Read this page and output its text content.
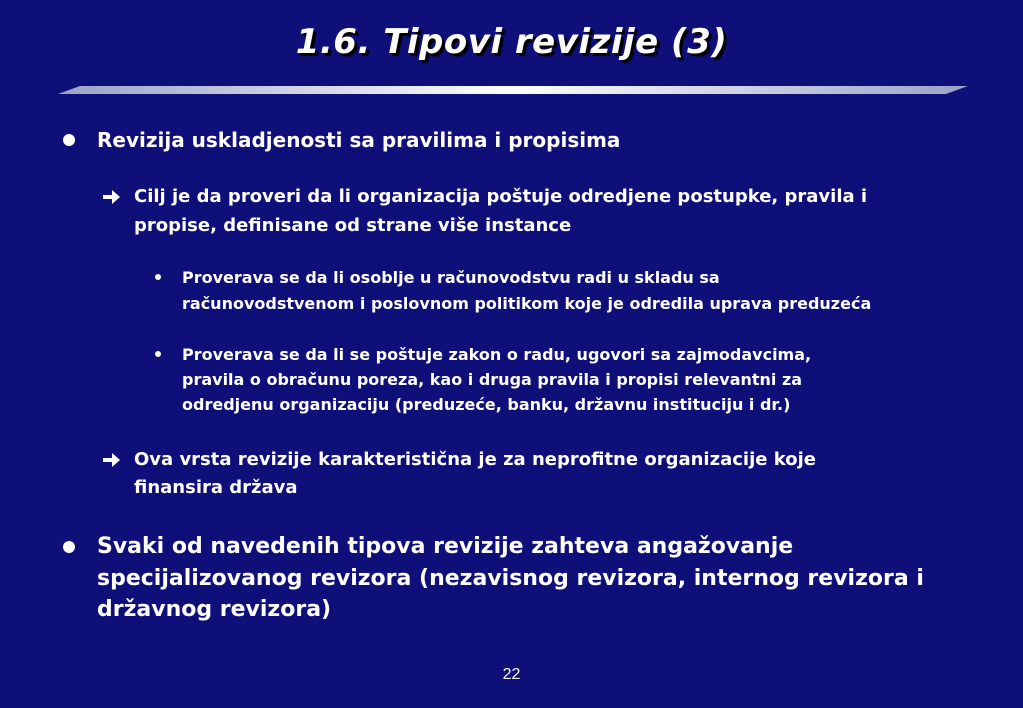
1.6. Tipovi revizije (3)
Revizija uskladjenosti sa pravilima i propisima
Cilj je da proveri da li organizacija poštuje odredjene postupke, pravila i
propise, definisane od strane više instance
Proverava se da li osoblje u računovodstvu radi u skladu sa
računovodstvenom i poslovnom politikom koje je odredila uprava preduzeća
Proverava se da li se poštuje zakon o radu, ugovori sa zajmodavcima,
pravila o obračunu poreza, kao i druga pravila i propisi relevantni za
odredjenu organizaciju (preduzeće, banku, državnu instituciju i dr.)
Ova vrsta revizije karakteristična je za neprofitne organizacije koje
finansira država
Svaki od navedenih tipova revizije zahteva angažovanje
specijalizovanog revizora (nezavisnog revizora, internog revizora i
državnog revizora)
22
